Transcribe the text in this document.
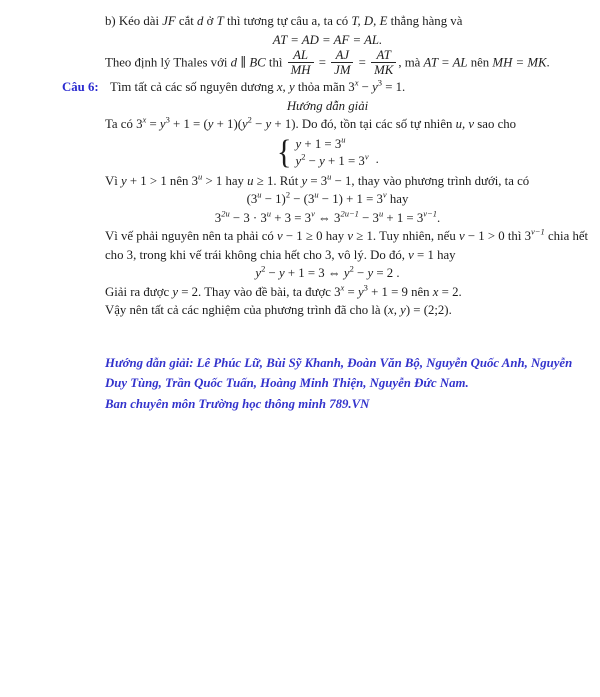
b) Kéo dài JF cắt d ở T thì tương tự câu a, ta có T, D, E thẳng hàng và

AT = AD = AF = AL.

Theo định lý Thales với d ∥ BC thì $\frac{AL}{MH} = \frac{AJ}{JM} = \frac{AT}{MK}$ , mà AT = AL nên MH = MK.

Câu 6: Tìm tất cả các số nguyên dương x, y thỏa mãn $3^x - y^3 = 1$.

Hướng dẫn giải

Ta có $3^x = y^3 + 1 = (y + 1)(y^2 - y + 1)$. Do đó, tồn tại các số tự nhiên u, v sao cho

{ $y + 1 = 3^u$
$y^2 - y + 1 = 3^v$ .

Vì y + 1 > 1 nên $3^u > 1$ hay u ≥ 1. Rút $y = 3^u - 1$, thay vào phương trình dưới, ta có

$(3^u - 1)^2 - (3^u - 1) + 1 = 3^v$ hay

$3^{2u} - 3 \cdot 3^u + 3 = 3^v$ ⇔ $3^{2u-1} - 3^u + 1 = 3^{v-1}$.

Vì vế phải nguyên nên ta phải có v − 1 ≥ 0 hay v ≥ 1. Tuy nhiên, nếu v − 1 > 0 thì $3^{v-1}$ chia hết

cho 3, trong khi vế trái không chia hết cho 3, vô lý. Do đó, v = 1 hay

$y^2 - y + 1 = 3$ ⇔ $y^2 - y = 2$ .

Giải ra được y = 2. Thay vào đề bài, ta được $3^x = y^3 + 1 = 9$ nên x = 2.

Vậy nên tất cả các nghiệm của phương trình đã cho là (x, y) = (2;2).

Hướng dẫn giải: Lê Phúc Lữ, Bùi Sỹ Khanh, Đoàn Văn Bộ, Nguyễn Quốc Anh, Nguyễn

Duy Tùng, Trần Quốc Tuấn, Hoàng Minh Thiện, Nguyễn Đức Nam.

Ban chuyên môn Trường học thông minh 789.VN
